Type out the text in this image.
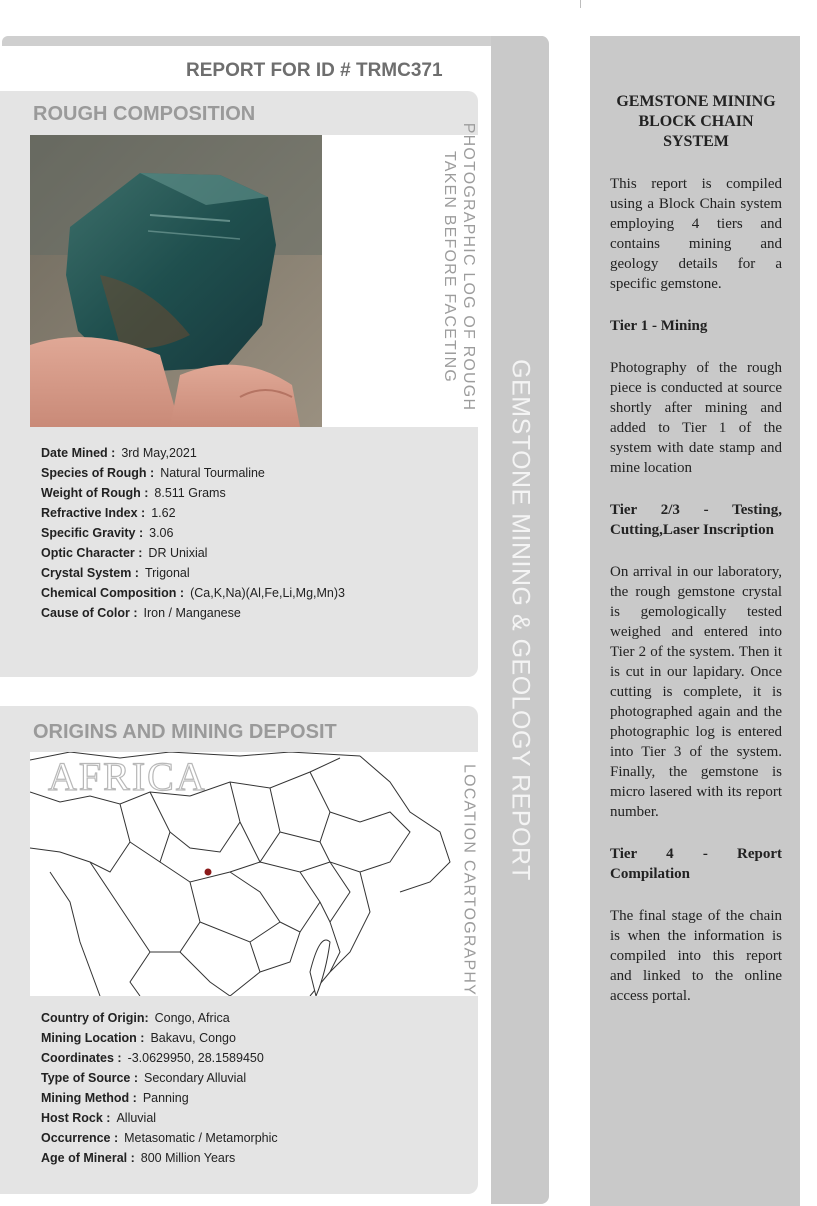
GEMSTONE MINING & GEOLOGY REPORT
REPORT FOR ID # TRMC371
ROUGH COMPOSITION
PHOTOGRAPHIC LOG OF ROUGH
TAKEN BEFORE FACETING
Date Mined : 3rd May,2021
Species of Rough : Natural Tourmaline
Weight of Rough : 8.511 Grams
Refractive Index : 1.62
Specific Gravity : 3.06
Optic Character : DR Unixial
Crystal System : Trigonal
Chemical Composition : (Ca,K,Na)(Al,Fe,Li,Mg,Mn)3
Cause of Color : Iron / Manganese
ORIGINS AND MINING DEPOSIT
AFRICA	LOCATION CARTOGRAPHY
Country of Origin: Congo, Africa
Mining Location : Bakavu, Congo
Coordinates : -3.0629950, 28.1589450
Type of Source : Secondary Alluvial
Mining Method : Panning
Host Rock : Alluvial
Occurrence : Metasomatic / Metamorphic
Age of Mineral : 800 Million Years
GEMSTONE MINING BLOCK CHAIN SYSTEM

This report is compiled using a Block Chain system employing 4 tiers and contains mining and geology details for a specific gemstone.

Tier 1 - Mining

Photography of the rough piece is conducted at source shortly after mining and added to Tier 1 of the system with date stamp and mine location

Tier 2/3 - Testing, Cutting,Laser Inscription

On arrival in our laboratory, the rough gemstone crystal is gemologically tested weighed and entered into Tier 2 of the system. Then it is cut in our lapidary. Once cutting is complete, it is photographed again and the photographic log is entered into Tier 3 of the system. Finally, the gemstone is micro lasered with its report number.

Tier 4 - Report Compilation

The final stage of the chain is when the information is compiled into this report and linked to the online access portal.
